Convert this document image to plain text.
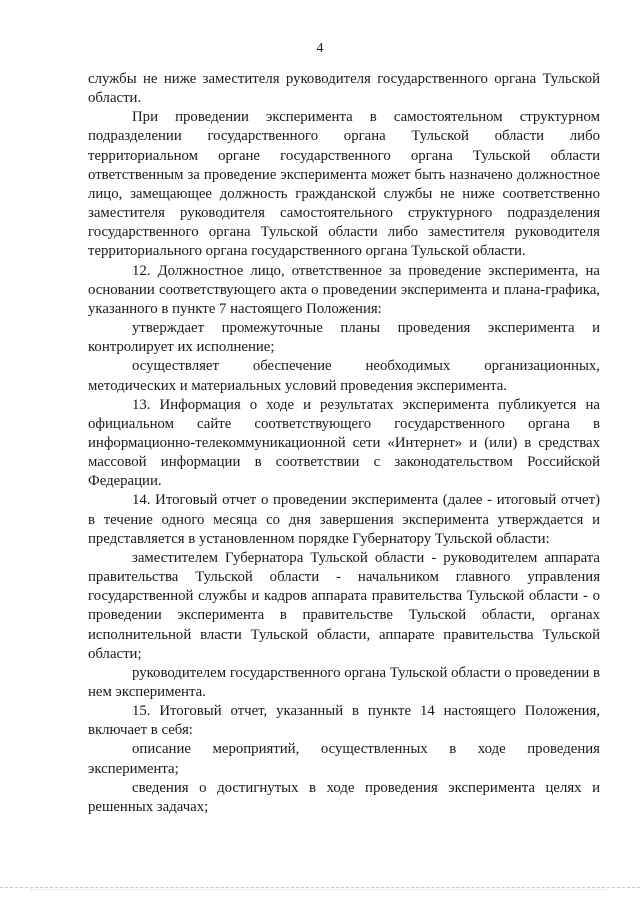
4

службы не ниже заместителя руководителя государственного органа Тульской области.

При проведении эксперимента в самостоятельном структурном подразделении государственного органа Тульской области либо территориальном органе государственного органа Тульской области ответственным за проведение эксперимента может быть назначено должностное лицо, замещающее должность гражданской службы не ниже соответственно заместителя руководителя самостоятельного структурного подразделения государственного органа Тульской области либо заместителя руководителя территориального органа государственного органа Тульской области.

12. Должностное лицо, ответственное за проведение эксперимента, на основании соответствующего акта о проведении эксперимента и плана-графика, указанного в пункте 7 настоящего Положения:

утверждает промежуточные планы проведения эксперимента и контролирует их исполнение;

осуществляет обеспечение необходимых организационных, методических и материальных условий проведения эксперимента.

13. Информация о ходе и результатах эксперимента публикуется на официальном сайте соответствующего государственного органа в информационно-телекоммуникационной сети «Интернет» и (или) в средствах массовой информации в соответствии с законодательством Российской Федерации.

14. Итоговый отчет о проведении эксперимента (далее - итоговый отчет) в течение одного месяца со дня завершения эксперимента утверждается и представляется в установленном порядке Губернатору Тульской области:

заместителем Губернатора Тульской области - руководителем аппарата правительства Тульской области - начальником главного управления государственной службы и кадров аппарата правительства Тульской области - о проведении эксперимента в правительстве Тульской области, органах исполнительной власти Тульской области, аппарате правительства Тульской области;

руководителем государственного органа Тульской области о проведении в нем эксперимента.

15. Итоговый отчет, указанный в пункте 14 настоящего Положения, включает в себя:

описание мероприятий, осуществленных в ходе проведения эксперимента;

сведения о достигнутых в ходе проведения эксперимента целях и решенных задачах;
